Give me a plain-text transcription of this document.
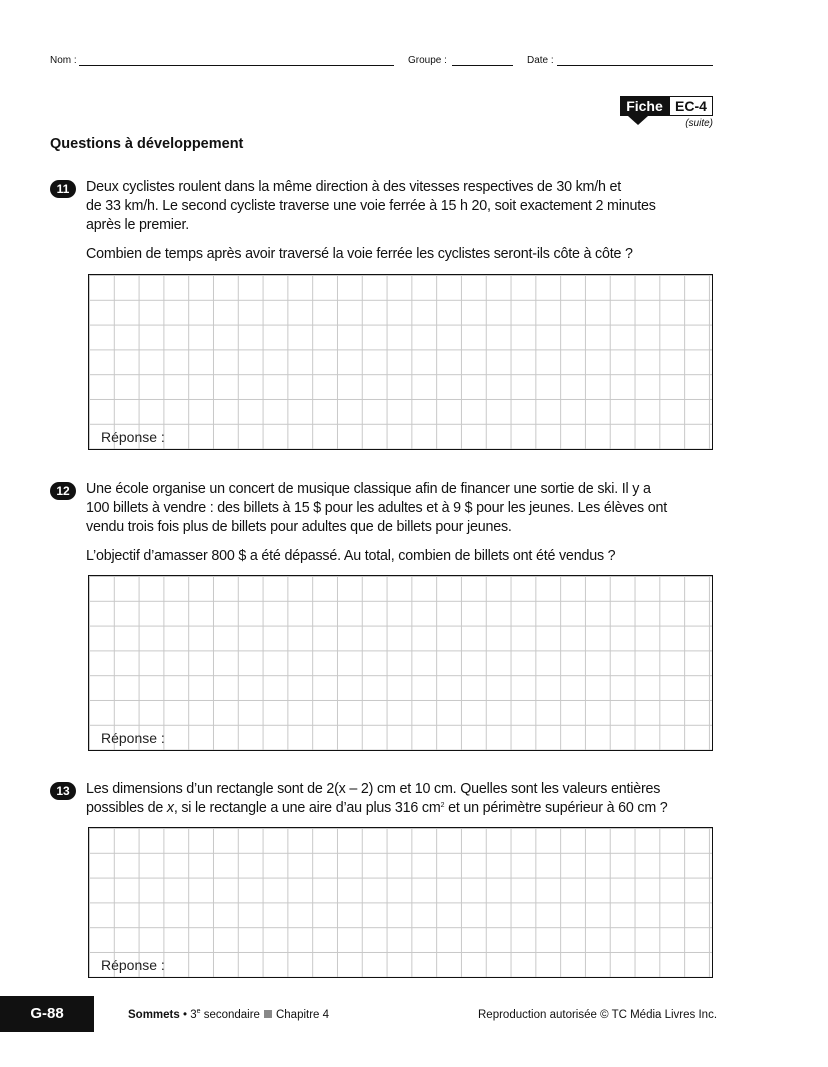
Nom :	Groupe :	Date :
Fiche EC-4
(suite)
Questions à développement
11	Deux cyclistes roulent dans la même direction à des vitesses respectives de 30 km/h et
de 33 km/h. Le second cycliste traverse une voie ferrée à 15 h 20, soit exactement 2 minutes
après le premier.
Combien de temps après avoir traversé la voie ferrée les cyclistes seront-ils côte à côte ?
Réponse :
12	Une école organise un concert de musique classique afin de financer une sortie de ski. Il y a
100 billets à vendre : des billets à 15 $ pour les adultes et à 9 $ pour les jeunes. Les élèves ont
vendu trois fois plus de billets pour adultes que de billets pour jeunes.
L’objectif d’amasser 800 $ a été dépassé. Au total, combien de billets ont été vendus ?
Réponse :
13	Les dimensions d’un rectangle sont de 2(x – 2) cm et 10 cm. Quelles sont les valeurs entières
possibles de x, si le rectangle a une aire d’au plus 316 $cm^2$ et un périmètre supérieur à 60 cm ?
Réponse :
G-88	Sommets • 3e secondaire Chapitre 4	Reproduction autorisée © TC Média Livres Inc.
